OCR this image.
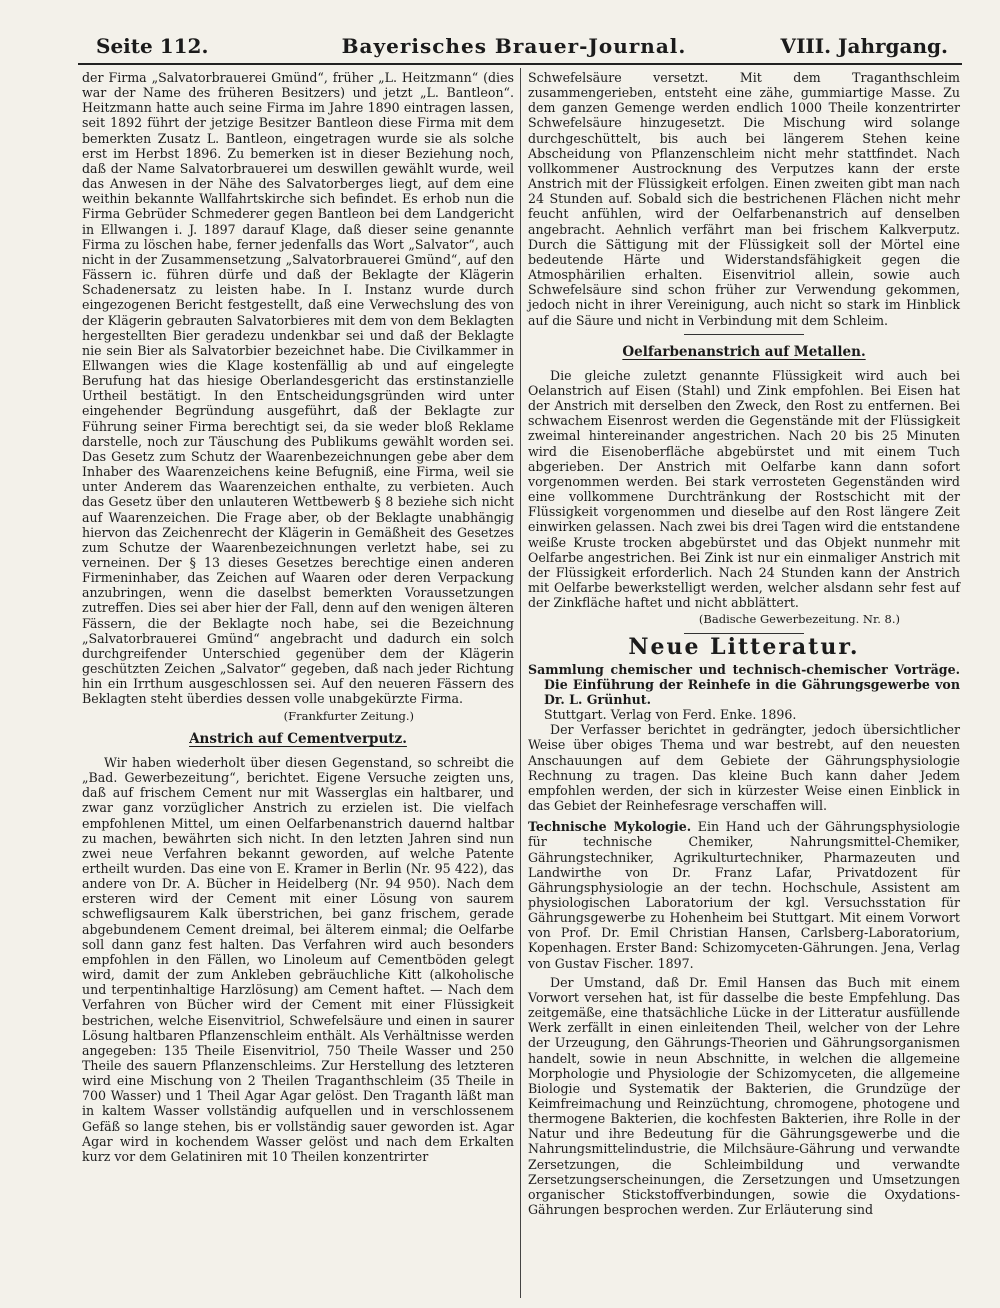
Seite 112.	Bayerisches Brauer-Journal.	VIII. Jahrgang.

der Firma „Salvatorbrauerei Gmünd“, früher „L. Heitzmann“ (dies war der Name des früheren Besitzers) und jetzt „L. Bantleon“. Heitzmann hatte auch seine Firma im Jahre 1890 eintragen lassen, seit 1892 führt der jetzige Besitzer Bantleon diese Firma mit dem bemerkten Zusatz L. Bantleon, eingetragen wurde sie als solche erst im Herbst 1896. Zu bemerken ist in dieser Beziehung noch, daß der Name Salvatorbrauerei um deswillen gewählt wurde, weil das Anwesen in der Nähe des Salvatorberges liegt, auf dem eine weithin bekannte Wallfahrtskirche sich befindet. Es erhob nun die Firma Gebrüder Schmederer gegen Bantleon bei dem Landgericht in Ellwangen i. J. 1897 darauf Klage, daß dieser seine genannte Firma zu löschen habe, ferner jedenfalls das Wort „Salvator“, auch nicht in der Zusammensetzung „Salvatorbrauerei Gmünd“, auf den Fässern ic. führen dürfe und daß der Beklagte der Klägerin Schadenersatz zu leisten habe. In I. Instanz wurde durch eingezogenen Bericht festgestellt, daß eine Verwechslung des von der Klägerin gebrauten Salvatorbieres mit dem von dem Beklagten hergestellten Bier geradezu undenkbar sei und daß der Beklagte nie sein Bier als Salvatorbier bezeichnet habe. Die Civilkammer in Ellwangen wies die Klage kostenfällig ab und auf eingelegte Berufung hat das hiesige Oberlandesgericht das erstinstanzielle Urtheil bestätigt. In den Entscheidungsgründen wird unter eingehender Begründung ausgeführt, daß der Beklagte zur Führung seiner Firma berechtigt sei, da sie weder bloß Reklame darstelle, noch zur Täuschung des Publikums gewählt worden sei. Das Gesetz zum Schutz der Waarenbezeichnungen gebe aber dem Inhaber des Waarenzeichens keine Befugniß, eine Firma, weil sie unter Anderem das Waarenzeichen enthalte, zu verbieten. Auch das Gesetz über den unlauteren Wettbewerb § 8 beziehe sich nicht auf Waarenzeichen. Die Frage aber, ob der Beklagte unabhängig hiervon das Zeichenrecht der Klägerin in Gemäßheit des Gesetzes zum Schutze der Waarenbezeichnungen verletzt habe, sei zu verneinen. Der § 13 dieses Gesetzes berechtige einen anderen Firmeninhaber, das Zeichen auf Waaren oder deren Verpackung anzubringen, wenn die daselbst bemerkten Voraussetzungen zutreffen. Dies sei aber hier der Fall, denn auf den wenigen älteren Fässern, die der Beklagte noch habe, sei die Bezeichnung „Salvatorbrauerei Gmünd“ angebracht und dadurch ein solch durchgreifender Unterschied gegenüber dem der Klägerin geschützten Zeichen „Salvator“ gegeben, daß nach jeder Richtung hin ein Irrthum ausgeschlossen sei. Auf den neueren Fässern des Beklagten steht überdies dessen volle unabgekürzte Firma.

(Frankfurter Zeitung.)
Anstrich auf Cementverputz.

Wir haben wiederholt über diesen Gegenstand, so schreibt die „Bad. Gewerbezeitung“, berichtet. Eigene Versuche zeigten uns, daß auf frischem Cement nur mit Wasserglas ein haltbarer, und zwar ganz vorzüglicher Anstrich zu erzielen ist. Die vielfach empfohlenen Mittel, um einen Oelfarbenanstrich dauernd haltbar zu machen, bewährten sich nicht. In den letzten Jahren sind nun zwei neue Verfahren bekannt geworden, auf welche Patente ertheilt wurden. Das eine von E. Kramer in Berlin (Nr. 95 422), das andere von Dr. A. Bücher in Heidelberg (Nr. 94 950). Nach dem ersteren wird der Cement mit einer Lösung von saurem schwefligsaurem Kalk überstrichen, bei ganz frischem, gerade abgebundenem Cement dreimal, bei älterem einmal; die Oelfarbe soll dann ganz fest halten. Das Verfahren wird auch besonders empfohlen in den Fällen, wo Linoleum auf Cementböden gelegt wird, damit der zum Ankleben gebräuchliche Kitt (alkoholische und terpentinhaltige Harzlösung) am Cement haftet. — Nach dem Verfahren von Bücher wird der Cement mit einer Flüssigkeit bestrichen, welche Eisenvitriol, Schwefelsäure und einen in saurer Lösung haltbaren Pflanzenschleim enthält. Als Verhältnisse werden angegeben: 135 Theile Eisenvitriol, 750 Theile Wasser und 250 Theile des sauern Pflanzenschleims. Zur Herstellung des letzteren wird eine Mischung von 2 Theilen Traganthschleim (35 Theile in 700 Wasser) und 1 Theil Agar Agar gelöst. Den Traganth läßt man in kaltem Wasser vollständig aufquellen und in verschlossenem Gefäß so lange stehen, bis er vollständig sauer geworden ist. Agar Agar wird in kochendem Wasser gelöst und nach dem Erkalten kurz vor dem Gelatiniren mit 10 Theilen konzentrirter

Schwefelsäure versetzt. Mit dem Traganthschleim zusammengerieben, entsteht eine zähe, gummiartige Masse. Zu dem ganzen Gemenge werden endlich 1000 Theile konzentrirter Schwefelsäure hinzugesetzt. Die Mischung wird solange durchgeschüttelt, bis auch bei längerem Stehen keine Abscheidung von Pflanzenschleim nicht mehr stattfindet. Nach vollkommener Austrocknung des Verputzes kann der erste Anstrich mit der Flüssigkeit erfolgen. Einen zweiten gibt man nach 24 Stunden auf. Sobald sich die bestrichenen Flächen nicht mehr feucht anfühlen, wird der Oelfarbenanstrich auf denselben angebracht. Aehnlich verfährt man bei frischem Kalkverputz. Durch die Sättigung mit der Flüssigkeit soll der Mörtel eine bedeutende Härte und Widerstandsfähigkeit gegen die Atmosphärilien erhalten. Eisenvitriol allein, sowie auch Schwefelsäure sind schon früher zur Verwendung gekommen, jedoch nicht in ihrer Vereinigung, auch nicht so stark im Hinblick auf die Säure und nicht in Verbindung mit dem Schleim.

Oelfarbenanstrich auf Metallen.

Die gleiche zuletzt genannte Flüssigkeit wird auch bei Oelanstrich auf Eisen (Stahl) und Zink empfohlen. Bei Eisen hat der Anstrich mit derselben den Zweck, den Rost zu entfernen. Bei schwachem Eisenrost werden die Gegenstände mit der Flüssigkeit zweimal hintereinander angestrichen. Nach 20 bis 25 Minuten wird die Eisenoberfläche abgebürstet und mit einem Tuch abgerieben. Der Anstrich mit Oelfarbe kann dann sofort vorgenommen werden. Bei stark verrosteten Gegenständen wird eine vollkommene Durchtränkung der Rostschicht mit der Flüssigkeit vorgenommen und dieselbe auf den Rost längere Zeit einwirken gelassen. Nach zwei bis drei Tagen wird die entstandene weiße Kruste trocken abgebürstet und das Objekt nunmehr mit Oelfarbe angestrichen. Bei Zink ist nur ein einmaliger Anstrich mit der Flüssigkeit erforderlich. Nach 24 Stunden kann der Anstrich mit Oelfarbe bewerkstelligt werden, welcher alsdann sehr fest auf der Zinkfläche haftet und nicht abblättert.

(Badische Gewerbezeitung. Nr. 8.)
Neue Litteratur.

Sammlung chemischer und technisch-chemischer Vorträge. Die Einführung der Reinhefe in die Gährungsgewerbe von Dr. L. Grünhut.

Stuttgart. Verlag von Ferd. Enke. 1896.

Der Verfasser berichtet in gedrängter, jedoch übersichtlicher Weise über obiges Thema und war bestrebt, auf den neuesten Anschauungen auf dem Gebiete der Gährungsphysiologie Rechnung zu tragen. Das kleine Buch kann daher Jedem empfohlen werden, der sich in kürzester Weise einen Einblick in das Gebiet der Reinhefesrage verschaffen will.

Technische Mykologie. Ein Hand uch der Gährungsphysiologie für technische Chemiker, Nahrungsmittel-Chemiker, Gährungstechniker, Agrikulturtechniker, Pharmazeuten und Landwirthe von Dr. Franz Lafar, Privatdozent für Gährungsphysiologie an der techn. Hochschule, Assistent am physiologischen Laboratorium der kgl. Versuchsstation für Gährungsgewerbe zu Hohenheim bei Stuttgart. Mit einem Vorwort von Prof. Dr. Emil Christian Hansen, Carlsberg-Laboratorium, Kopenhagen. Erster Band: Schizomyceten-Gährungen. Jena, Verlag von Gustav Fischer. 1897.

Der Umstand, daß Dr. Emil Hansen das Buch mit einem Vorwort versehen hat, ist für dasselbe die beste Empfehlung. Das zeitgemäße, eine thatsächliche Lücke in der Litteratur ausfüllende Werk zerfällt in einen einleitenden Theil, welcher von der Lehre der Urzeugung, den Gährungs-Theorien und Gährungsorganismen handelt, sowie in neun Abschnitte, in welchen die allgemeine Morphologie und Physiologie der Schizomyceten, die allgemeine Biologie und Systematik der Bakterien, die Grundzüge der Keimfreimachung und Reinzüchtung, chromogene, photogene und thermogene Bakterien, die kochfesten Bakterien, ihre Rolle in der Natur und ihre Bedeutung für die Gährungsgewerbe und die Nahrungsmittelindustrie, die Milchsäure-Gährung und verwandte Zersetzungen, die Schleimbildung und verwandte Zersetzungserscheinungen, die Zersetzungen und Umsetzungen organischer Stickstoffverbindungen, sowie die Oxydations-Gährungen besprochen werden. Zur Erläuterung sind
